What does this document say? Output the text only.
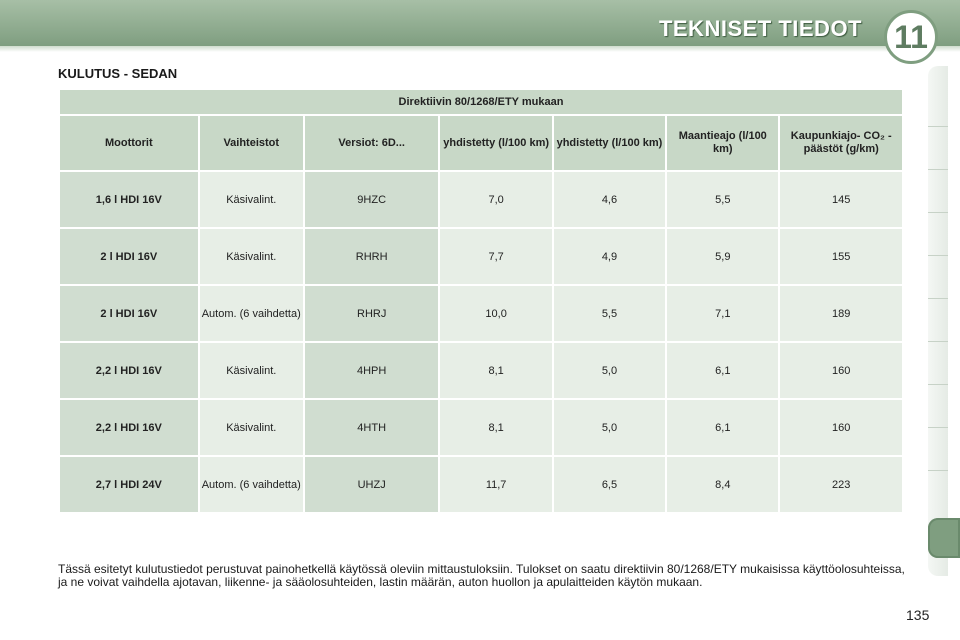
TEKNISET TIEDOT	11
KULUTUS - SEDAN
Direktiivin 80/1268/ETY mukaan						
Moottorit	Vaihteistot	Versiot: 6D...	yhdistetty (l/100 km)	yhdistetty (l/100 km)	Maantieajo (l/100 km)	Kaupunkiajo- CO₂ -päästöt (g/km)
1,6 l HDI 16V	Käsivalint.	9HZC	7,0	4,6	5,5	145
2 l HDI 16V	Käsivalint.	RHRH	7,7	4,9	5,9	155
2 l HDI 16V	Autom. (6 vaihdetta)	RHRJ	10,0	5,5	7,1	189
2,2 l HDI 16V	Käsivalint.	4HPH	8,1	5,0	6,1	160
2,2 l HDI 16V	Käsivalint.	4HTH	8,1	5,0	6,1	160
2,7 l HDI 24V	Autom. (6 vaihdetta)	UHZJ	11,7	6,5	8,4	223
Tässä esitetyt kulutustiedot perustuvat painohetkellä käytössä oleviin mittaustuloksiin. Tulokset on saatu direktiivin 80/1268/ETY mukaisissa käyttöolosuhteissa, ja ne voivat vaihdella ajotavan, liikenne- ja sääolosuhteiden, lastin määrän, auton huollon ja apulaitteiden käytön mukaan.
135
